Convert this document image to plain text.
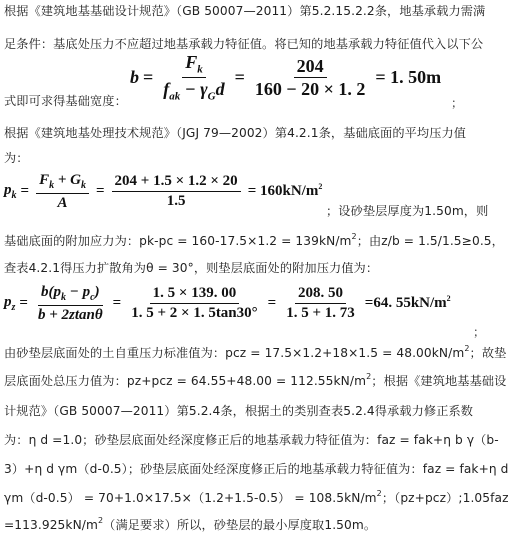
根据《建筑地基基础设计规范》（GB 50007—2011）第5.2.15.2.2条，地基承载力需满
足条件：基底处压力不应超过地基承载力特征值。将已知的地基承载力特征值代入以下公
$b = \frac{F_k}{f_{ak} - \gamma_Gd} = \frac{204}{160 - 20 \times 1. 2} = 1$. 50m
式即可求得基础宽度：	；
根据《建筑地基处理技术规范》（JGJ 79—2002）第4.2.1条，基础底面的平均压力值
为：
$p_k = \frac{F_k + G_k}{A} = \frac{204 + 1.5 \times 1.2 \times 20}{1.5} = 160kN/m^2$
；设砂垫层厚度为1.50m，则
基础底面的附加应力为：$pk-pc = 160-17.5\times 1.2 = 139kN/m^2$；由z/b = 1.5/1.5≥0.5，
查表4.2.1得压力扩散角为θ = 30°，则垫层底面处的附加压力值为：
$p_z = \frac{b(p_k - p_c)}{b + 2ztan\theta} = \frac{1. 5 \times 139. 00}{1. 5 + 2 \times 1. 5\tan 30^\circ} = \frac{208. 50}{1. 5 + 1. 73} =64$. $55kN/m^2$
；
由砂垫层底面处的土自重压力标准值为：pcz = $17.5\times 1.2+18\times 1.5 = 48.00kN/m^2$；故垫
层底面处总压力值为：$pz+pcz = 64.55+48.00 = 112.55kN/m^2$；根据《建筑地基基础设
计规范》（GB 50007—2011）第5.2.4条，根据土的类别查表5.2.4得承载力修正系数
为：η d =1.0；砂垫层底面处经深度修正后的地基承载力特征值为：faz = fak+η b γ（b-
3）+η d γm（d-0.5）；砂垫层底面处经深度修正后的地基承载力特征值为：faz = fak+η d
$\gamma m(d-0.5) = 70+1.0\times 17.5\times(1.2+1.5-0.5) = 108.5kN/m^2$；（pz+pcz）;1.05faz
$=113.925kN/m^2$（满足要求）所以，砂垫层的最小厚度取1.50m。
